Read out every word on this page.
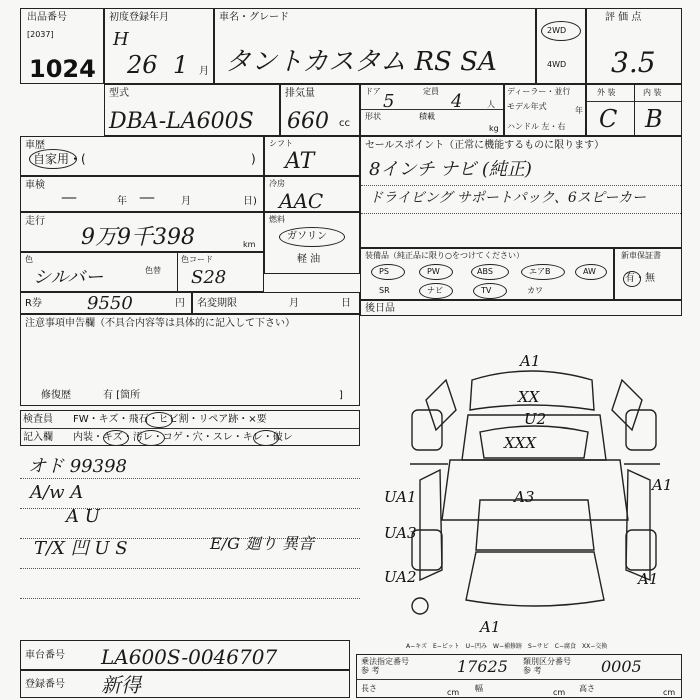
出品番号
[2037]
1024
初度登録年月
H
26 1 月
車名・グレード
タントカスタム RS SA
2WD
4WD
評 価 点
3.5
型式
DBA-LA600S
排気量
660 cc
ドア 5	定員 4	人
形状	積載
kg
ディーラー・並行
モデル年式	年
ハンドル 左・右
外 装	内 装
C B
車歴
自家用・(	)
シフト
AT
車検
—	年 —	月	日)
冷房
AAC
走行
9万9千398	km
燃料
ガソリン
軽 油
色
シルバー	色替
色コード
S28
R券	9550	円 名変期限	月	日
セールスポイント（正常に機能するものに限ります）
8インチ ナビ (純正)
ドライビング サポートパック、6スピーカー
装備品（純正品に限り○をつけてください）
PS	PW	ABS	エアB	AW
SR	ナビ	TV	カワ
新車保証書
有・無
後日品
注意事項申告欄（不具合内容等は具体的に記入して下さい）
修復歴	有 [箇所	]
検査員 FW・キズ・飛石・ヒビ割・リペア跡・×要
記入欄 内装・キズ・汚レ・コゲ・穴・スレ・キレ・破レ
オド 99398
A/w A
A U
T/X 凹 U S	E/G 廻り 異音
A1
XX
U2
XXX
A3
UA1
UA3
A1
UA2	A1
A1
A−キズ　E−ピット　U−凹み　W−補修跡　S−サビ　C−腐食　XX−交換
車台番号 LA600S-0046707
登録番号 新得
乗法指定番号
参 考	17625 類別区分番号
参 考	0005
長さ	cm 幅	cm 高さ	cm
